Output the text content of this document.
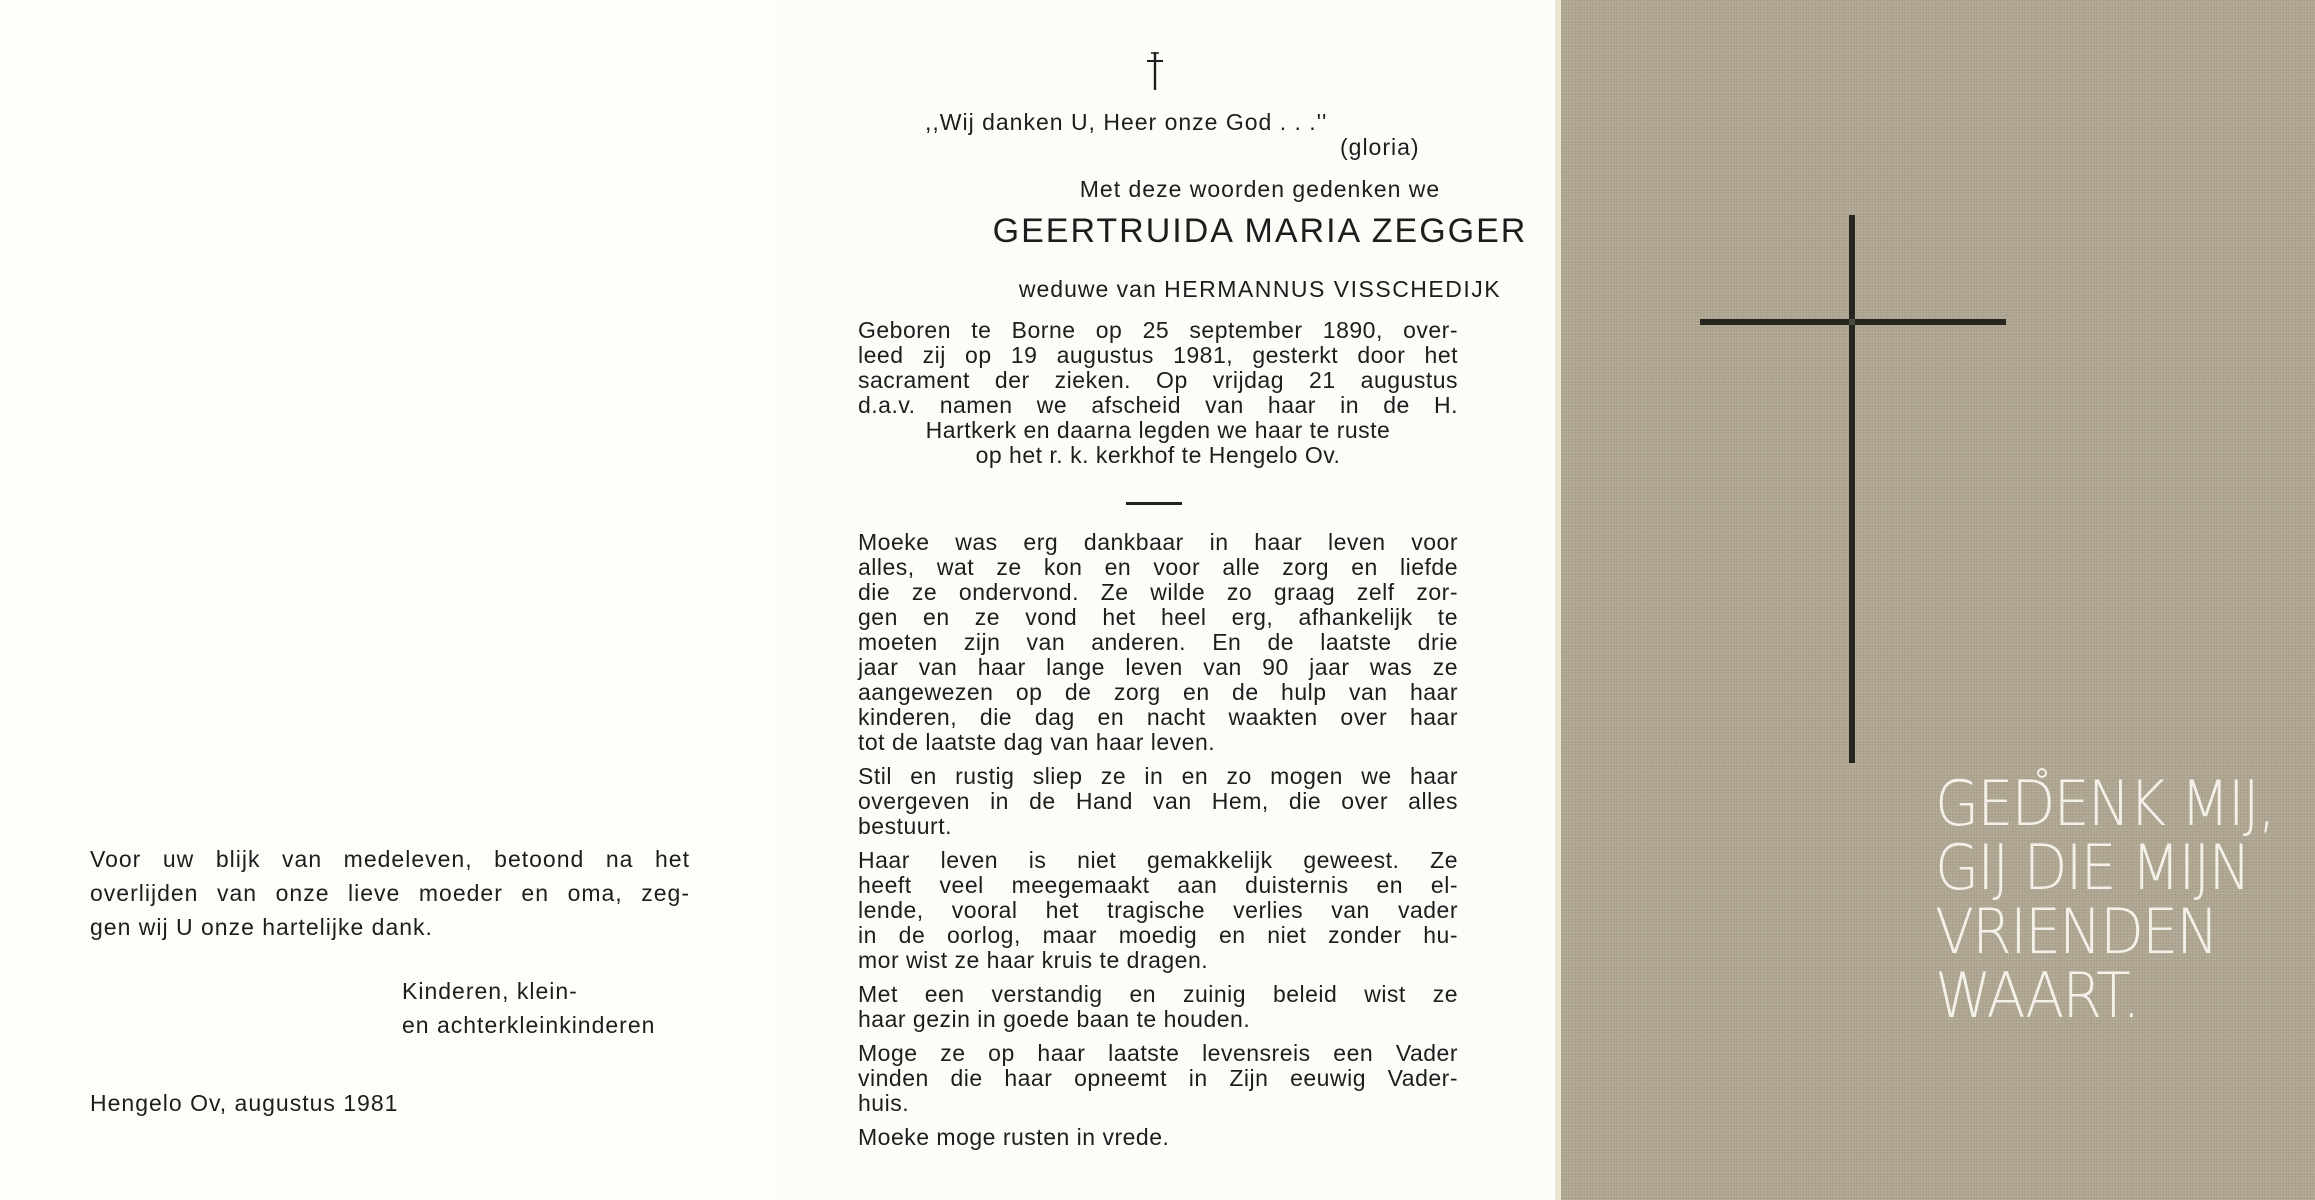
Voor uw blijk van medeleven, betoond na het
overlijden van onze lieve moeder en oma, zeg-
gen wij U onze hartelijke dank.
Kinderen, klein-
en achterkleinkinderen
Hengelo Ov, augustus 1981
,,Wij danken U, Heer onze God . . .''
(gloria)
Met deze woorden gedenken we
GEERTRUIDA MARIA ZEGGER
weduwe van HERMANNUS VISSCHEDIJK
Geboren te Borne op 25 september 1890, over-
leed zij op 19 augustus 1981, gesterkt door het
sacrament der zieken. Op vrijdag 21 augustus
d.a.v. namen we afscheid van haar in de H.
Hartkerk en daarna legden we haar te ruste
op het r. k. kerkhof te Hengelo Ov.
Moeke was erg dankbaar in haar leven voor
alles, wat ze kon en voor alle zorg en liefde
die ze ondervond. Ze wilde zo graag zelf zor-
gen en ze vond het heel erg, afhankelijk te
moeten zijn van anderen. En de laatste drie
jaar van haar lange leven van 90 jaar was ze
aangewezen op de zorg en de hulp van haar
kinderen, die dag en nacht waakten over haar
tot de laatste dag van haar leven.
Stil en rustig sliep ze in en zo mogen we haar
overgeven in de Hand van Hem, die over alles
bestuurt.
Haar leven is niet gemakkelijk geweest. Ze
heeft veel meegemaakt aan duisternis en el-
lende, vooral het tragische verlies van vader
in de oorlog, maar moedig en niet zonder hu-
mor wist ze haar kruis te dragen.
Met een verstandig en zuinig beleid wist ze
haar gezin in goede baan te houden.
Moge ze op haar laatste levensreis een Vader
vinden die haar opneemt in Zijn eeuwig Vader-
huis.
Moeke moge rusten in vrede.
GEDENK MIJ,
GIJ DIE MIJN
VRIENDEN
WAART.
